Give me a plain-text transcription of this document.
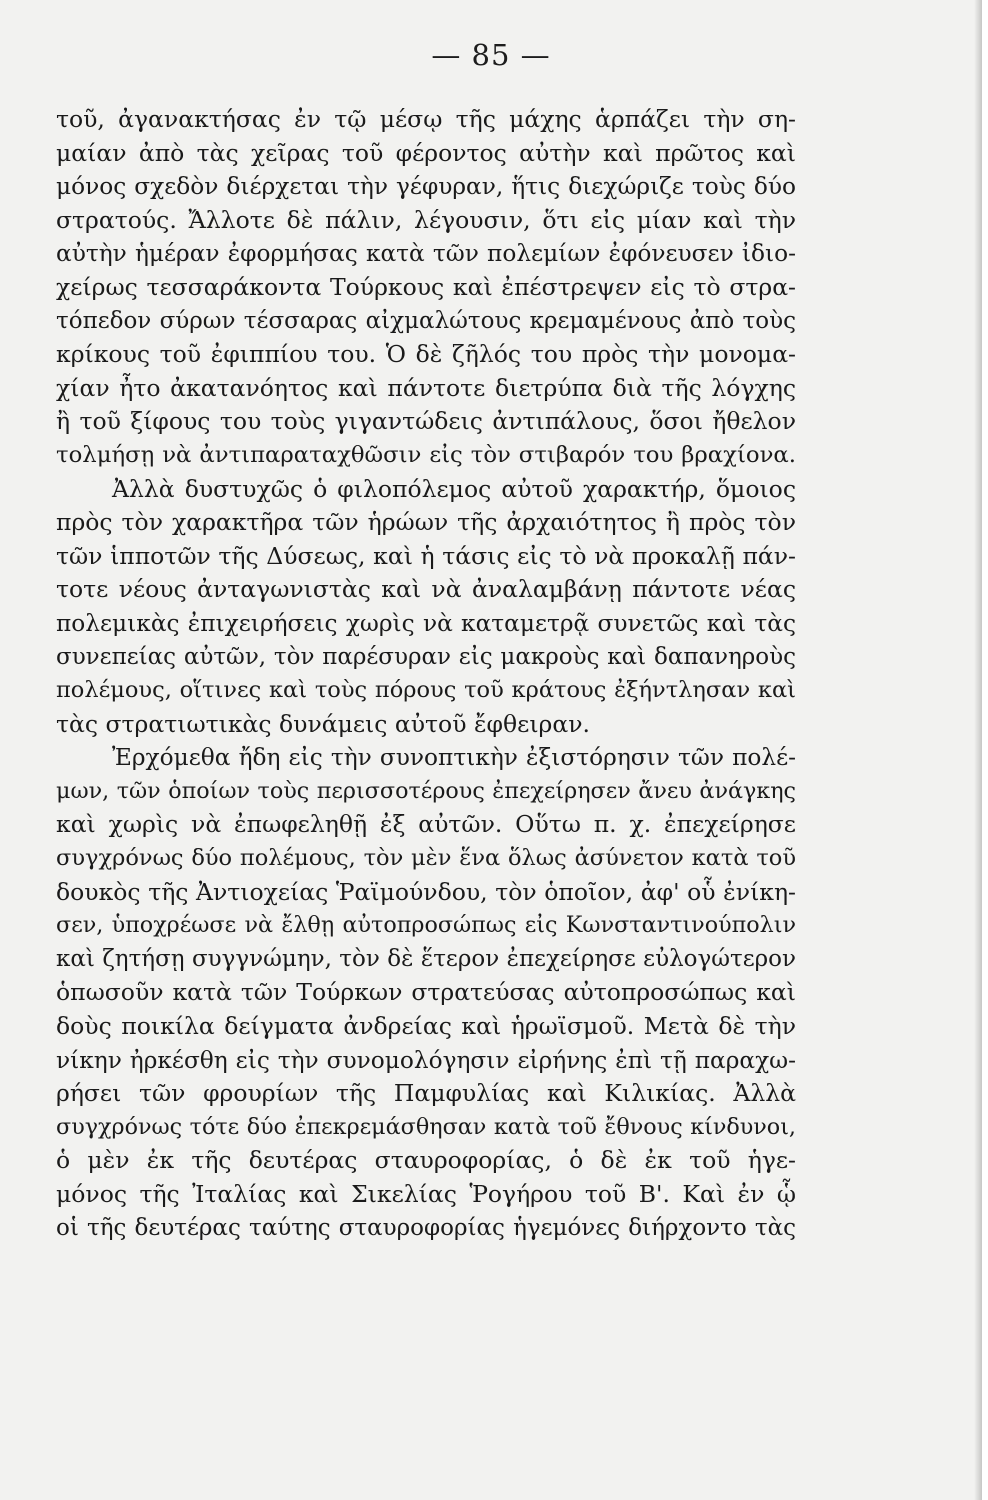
— 85 —
τοῦ, ἀγανακτήσας ἐν τῷ μέσῳ τῆς μάχης ἁρπάζει τὴν ση-
μαίαν ἀπὸ τὰς χεῖρας τοῦ φέροντος αὐτὴν καὶ πρῶτος καὶ
μόνος σχεδὸν διέρχεται τὴν γέφυραν, ἥτις διεχώριζε τοὺς δύο
στρατούς. Ἄλλοτε δὲ πάλιν, λέγουσιν, ὅτι εἰς μίαν καὶ τὴν
αὐτὴν ἡμέραν ἐφορμήσας κατὰ τῶν πολεμίων ἐφόνευσεν ἰδιο-
χείρως τεσσαράκοντα Τούρκους καὶ ἐπέστρεψεν εἰς τὸ στρα-
τόπεδον σύρων τέσσαρας αἰχμαλώτους κρεμαμένους ἀπὸ τοὺς
κρίκους τοῦ ἐφιππίου του. Ὁ δὲ ζῆλός του πρὸς τὴν μονομα-
χίαν ἦτο ἀκατανόητος καὶ πάντοτε διετρύπα διὰ τῆς λόγχης
ἢ τοῦ ξίφους του τοὺς γιγαντώδεις ἀντιπάλους, ὅσοι ἤθελον
τολμήσῃ νὰ ἀντιπαραταχθῶσιν εἰς τὸν στιβαρόν του βραχίονα.
Ἀλλὰ δυστυχῶς ὁ φιλοπόλεμος αὐτοῦ χαρακτήρ, ὅμοιος
πρὸς τὸν χαρακτῆρα τῶν ἡρώων τῆς ἀρχαιότητος ἢ πρὸς τὸν
τῶν ἱπποτῶν τῆς Δύσεως, καὶ ἡ τάσις εἰς τὸ νὰ προκαλῇ πάν-
τοτε νέους ἀνταγωνιστὰς καὶ νὰ ἀναλαμβάνῃ πάντοτε νέας
πολεμικὰς ἐπιχειρήσεις χωρὶς νὰ καταμετρᾷ συνετῶς καὶ τὰς
συνεπείας αὐτῶν, τὸν παρέσυραν εἰς μακροὺς καὶ δαπανηροὺς
πολέμους, οἵτινες καὶ τοὺς πόρους τοῦ κράτους ἐξήντλησαν καὶ
τὰς στρατιωτικὰς δυνάμεις αὐτοῦ ἔφθειραν.
Ἐρχόμεθα ἤδη εἰς τὴν συνοπτικὴν ἐξιστόρησιν τῶν πολέ-
μων, τῶν ὁποίων τοὺς περισσοτέρους ἐπεχείρησεν ἄνευ ἀνάγκης
καὶ χωρὶς νὰ ἐπωφεληθῇ ἐξ αὐτῶν. Οὕτω π. χ. ἐπεχείρησε
συγχρόνως δύο πολέμους, τὸν μὲν ἕνα ὅλως ἀσύνετον κατὰ τοῦ
δουκὸς τῆς Ἀντιοχείας Ῥαϊμούνδου, τὸν ὁποῖον, ἀφ' οὗ ἐνίκη-
σεν, ὑποχρέωσε νὰ ἔλθῃ αὐτοπροσώπως εἰς Κωνσταντινούπολιν
καὶ ζητήσῃ συγγνώμην, τὸν δὲ ἕτερον ἐπεχείρησε εὐλογώτερον
ὁπωσοῦν κατὰ τῶν Τούρκων στρατεύσας αὐτοπροσώπως καὶ
δοὺς ποικίλα δείγματα ἀνδρείας καὶ ἡρωϊσμοῦ. Μετὰ δὲ τὴν
νίκην ἠρκέσθη εἰς τὴν συνομολόγησιν εἰρήνης ἐπὶ τῇ παραχω-
ρήσει τῶν φρουρίων τῆς Παμφυλίας καὶ Κιλικίας. Ἀλλὰ
συγχρόνως τότε δύο ἐπεκρεμάσθησαν κατὰ τοῦ ἔθνους κίνδυνοι,
ὁ μὲν ἐκ τῆς δευτέρας σταυροφορίας, ὁ δὲ ἐκ τοῦ ἡγε-
μόνος τῆς Ἰταλίας καὶ Σικελίας Ῥογήρου τοῦ Β'. Καὶ ἐν ᾧ
οἱ τῆς δευτέρας ταύτης σταυροφορίας ἡγεμόνες διήρχοντο τὰς
